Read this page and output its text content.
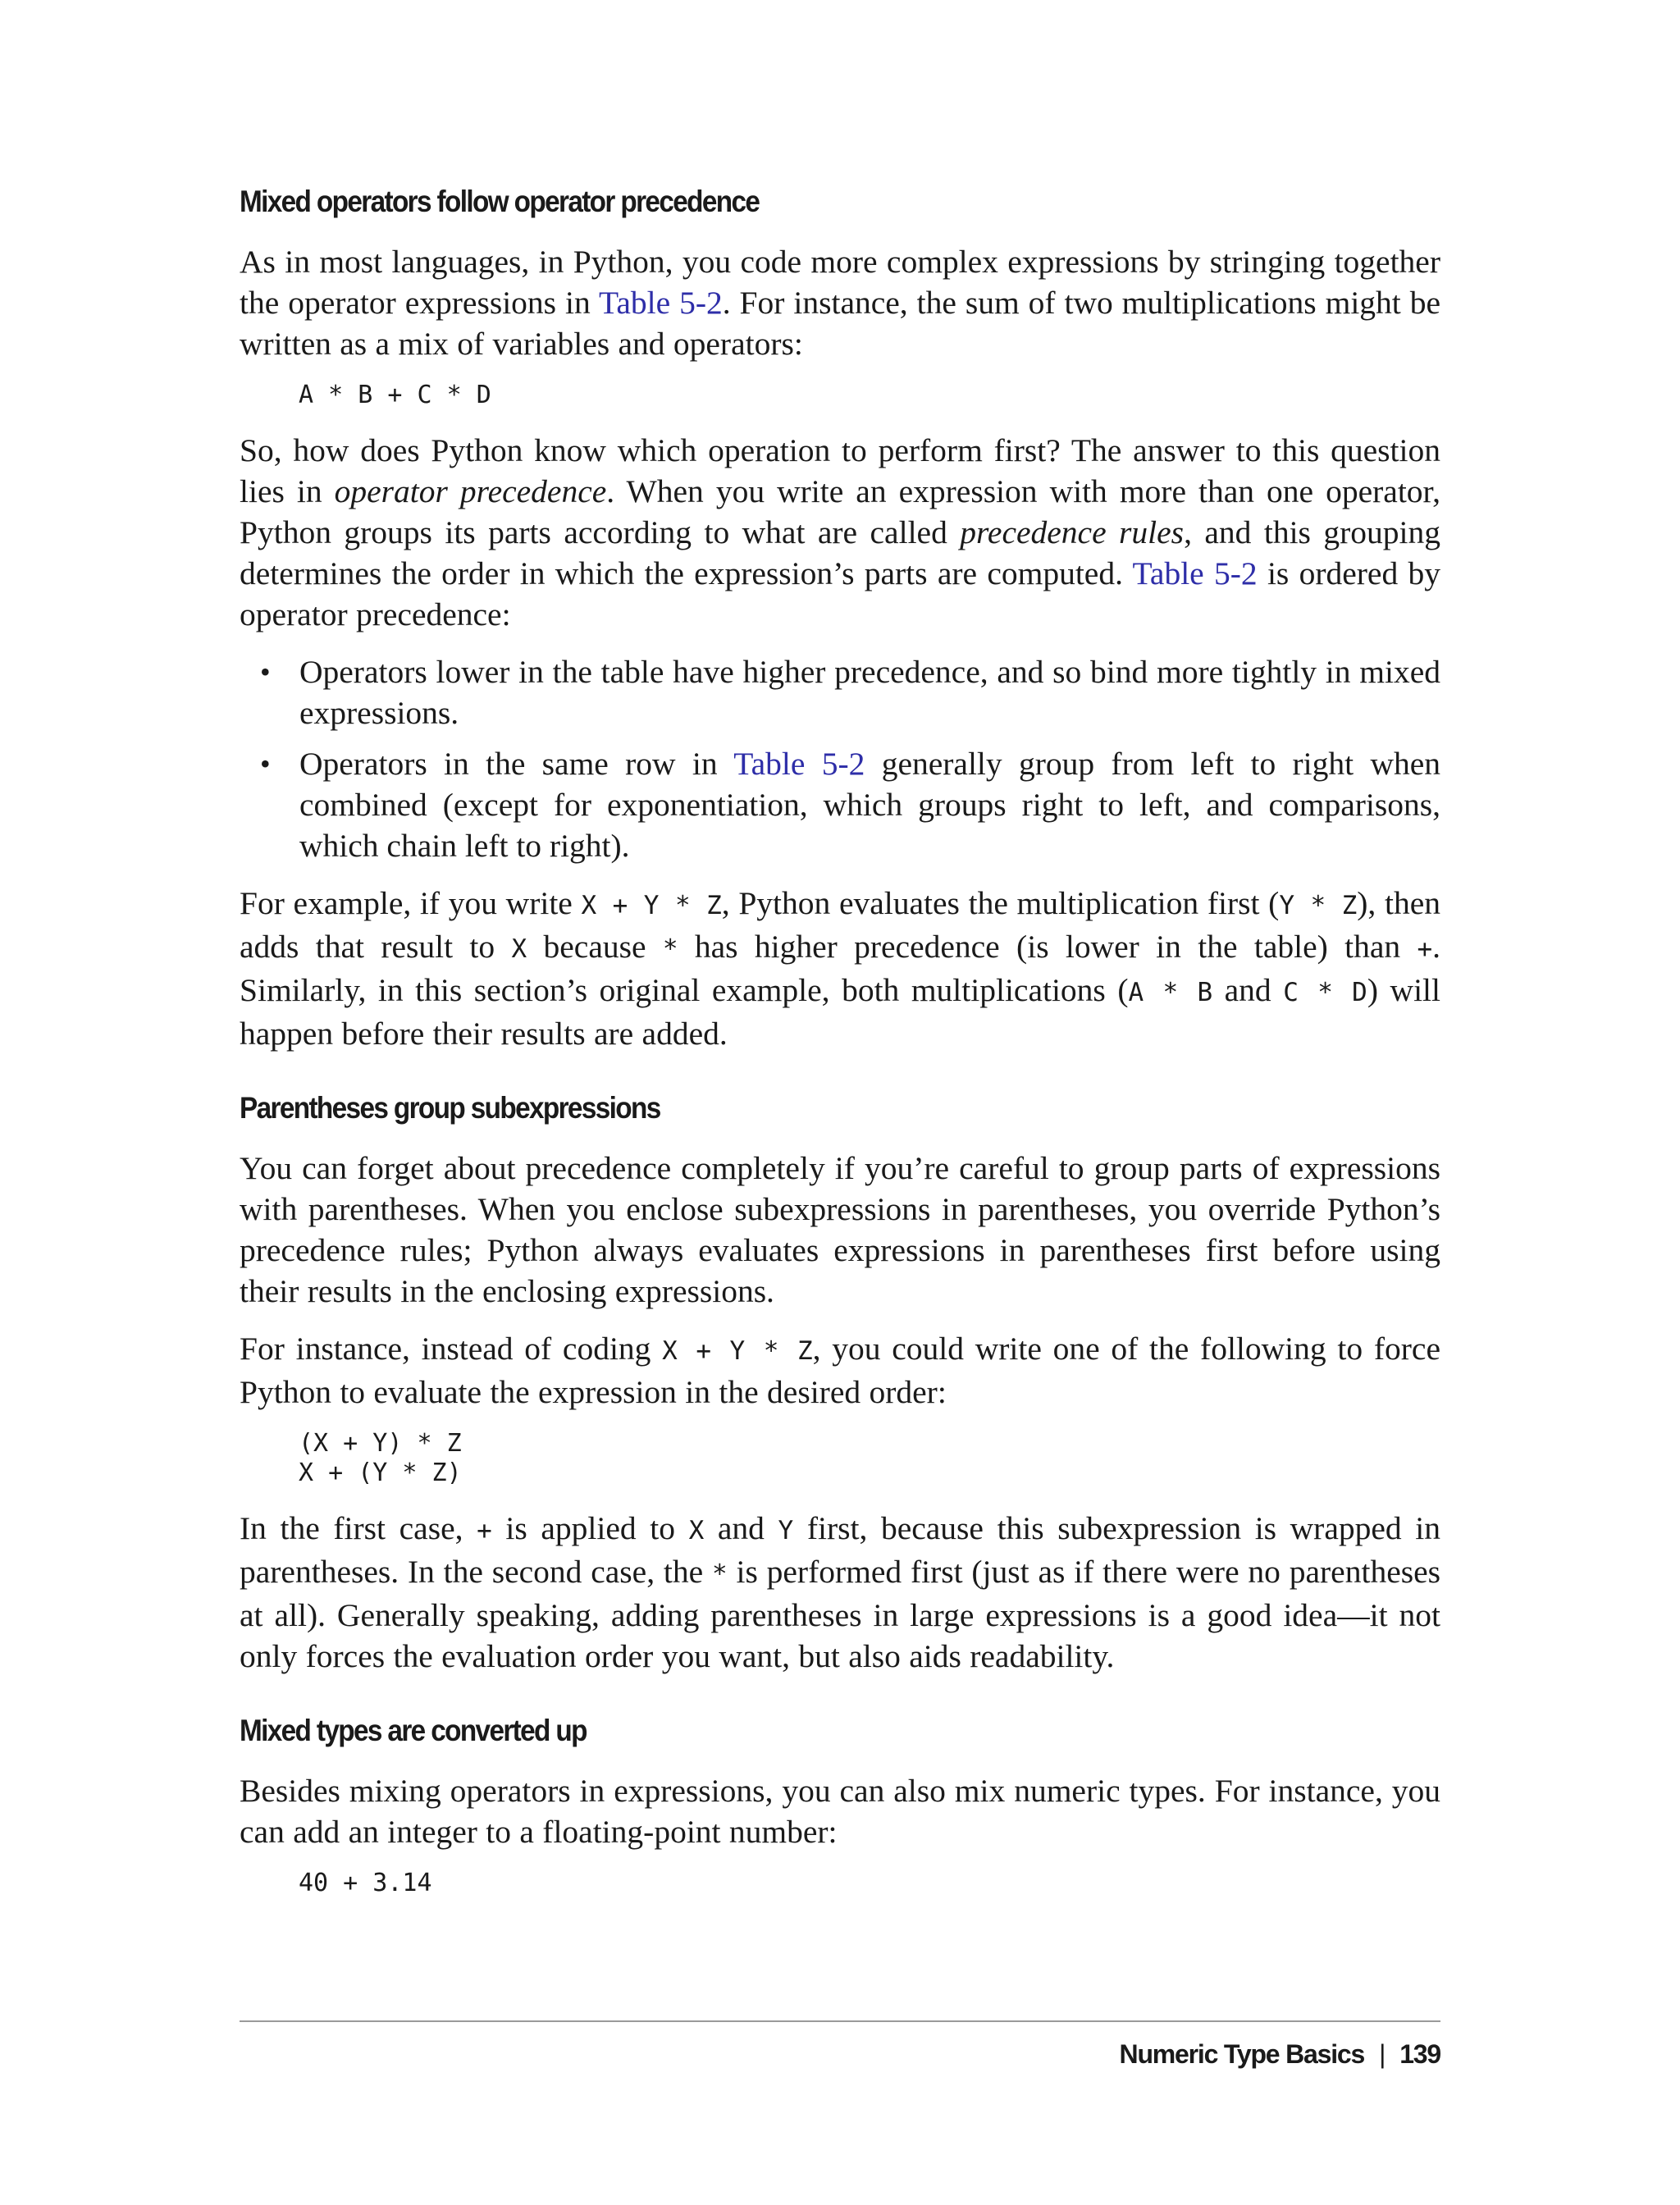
Mixed operators follow operator precedence

As in most languages, in Python, you code more complex expressions by stringing together the operator expressions in Table 5-2. For instance, the sum of two multiplications might be written as a mix of variables and operators:

A * B + C * D

So, how does Python know which operation to perform first? The answer to this question lies in operator precedence. When you write an expression with more than one operator, Python groups its parts according to what are called precedence rules, and this grouping determines the order in which the expression’s parts are computed. Table 5-2 is ordered by operator precedence:

• Operators lower in the table have higher precedence, and so bind more tightly in mixed expressions.
• Operators in the same row in Table 5-2 generally group from left to right when combined (except for exponentiation, which groups right to left, and comparisons, which chain left to right).

For example, if you write X + Y * Z, Python evaluates the multiplication first (Y * Z), then adds that result to X because * has higher precedence (is lower in the table) than +. Similarly, in this section’s original example, both multiplications (A * B and C * D) will happen before their results are added.

Parentheses group subexpressions

You can forget about precedence completely if you’re careful to group parts of expressions with parentheses. When you enclose subexpressions in parentheses, you override Python’s precedence rules; Python always evaluates expressions in parentheses first before using their results in the enclosing expressions.

For instance, instead of coding X + Y * Z, you could write one of the following to force Python to evaluate the expression in the desired order:

(X + Y) * Z
X + (Y * Z)

In the first case, + is applied to X and Y first, because this subexpression is wrapped in parentheses. In the second case, the * is performed first (just as if there were no parentheses at all). Generally speaking, adding parentheses in large expressions is a good idea—it not only forces the evaluation order you want, but also aids readability.

Mixed types are converted up

Besides mixing operators in expressions, you can also mix numeric types. For instance, you can add an integer to a floating-point number:

40 + 3.14
Numeric Type Basics | 139
